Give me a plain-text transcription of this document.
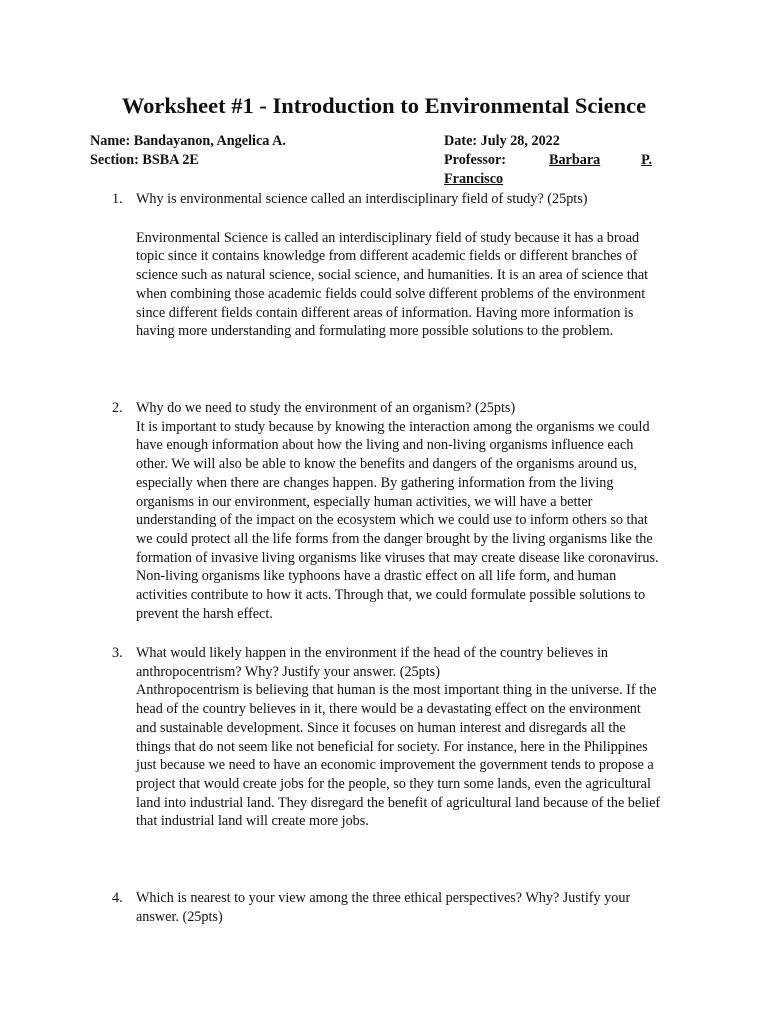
Worksheet #1 - Introduction to Environmental Science
Name: Bandayanon, Angelica A.
Section: BSBA 2E
Date: July 28, 2022
Professor:	Barbara	P.
Francisco
1. Why is environmental science called an interdisciplinary field of study? (25pts)
Environmental Science is called an interdisciplinary field of study because it has a broad topic since it contains knowledge from different academic fields or different branches of science such as natural science, social science, and humanities. It is an area of science that when combining those academic fields could solve different problems of the environment since different fields contain different areas of information. Having more information is having more understanding and formulating more possible solutions to the problem.
2. Why do we need to study the environment of an organism? (25pts)
It is important to study because by knowing the interaction among the organisms we could have enough information about how the living and non-living organisms influence each other. We will also be able to know the benefits and dangers of the organisms around us, especially when there are changes happen. By gathering information from the living organisms in our environment, especially human activities, we will have a better understanding of the impact on the ecosystem which we could use to inform others so that we could protect all the life forms from the danger brought by the living organisms like the formation of invasive living organisms like viruses that may create disease like coronavirus. Non-living organisms like typhoons have a drastic effect on all life form, and human activities contribute to how it acts. Through that, we could formulate possible solutions to prevent the harsh effect.
3. What would likely happen in the environment if the head of the country believes in anthropocentrism? Why? Justify your answer. (25pts)
Anthropocentrism is believing that human is the most important thing in the universe. If the head of the country believes in it, there would be a devastating effect on the environment and sustainable development. Since it focuses on human interest and disregards all the things that do not seem like not beneficial for society. For instance, here in the Philippines just because we need to have an economic improvement the government tends to propose a project that would create jobs for the people, so they turn some lands, even the agricultural land into industrial land. They disregard the benefit of agricultural land because of the belief that industrial land will create more jobs.
4. Which is nearest to your view among the three ethical perspectives? Why? Justify your answer. (25pts)
